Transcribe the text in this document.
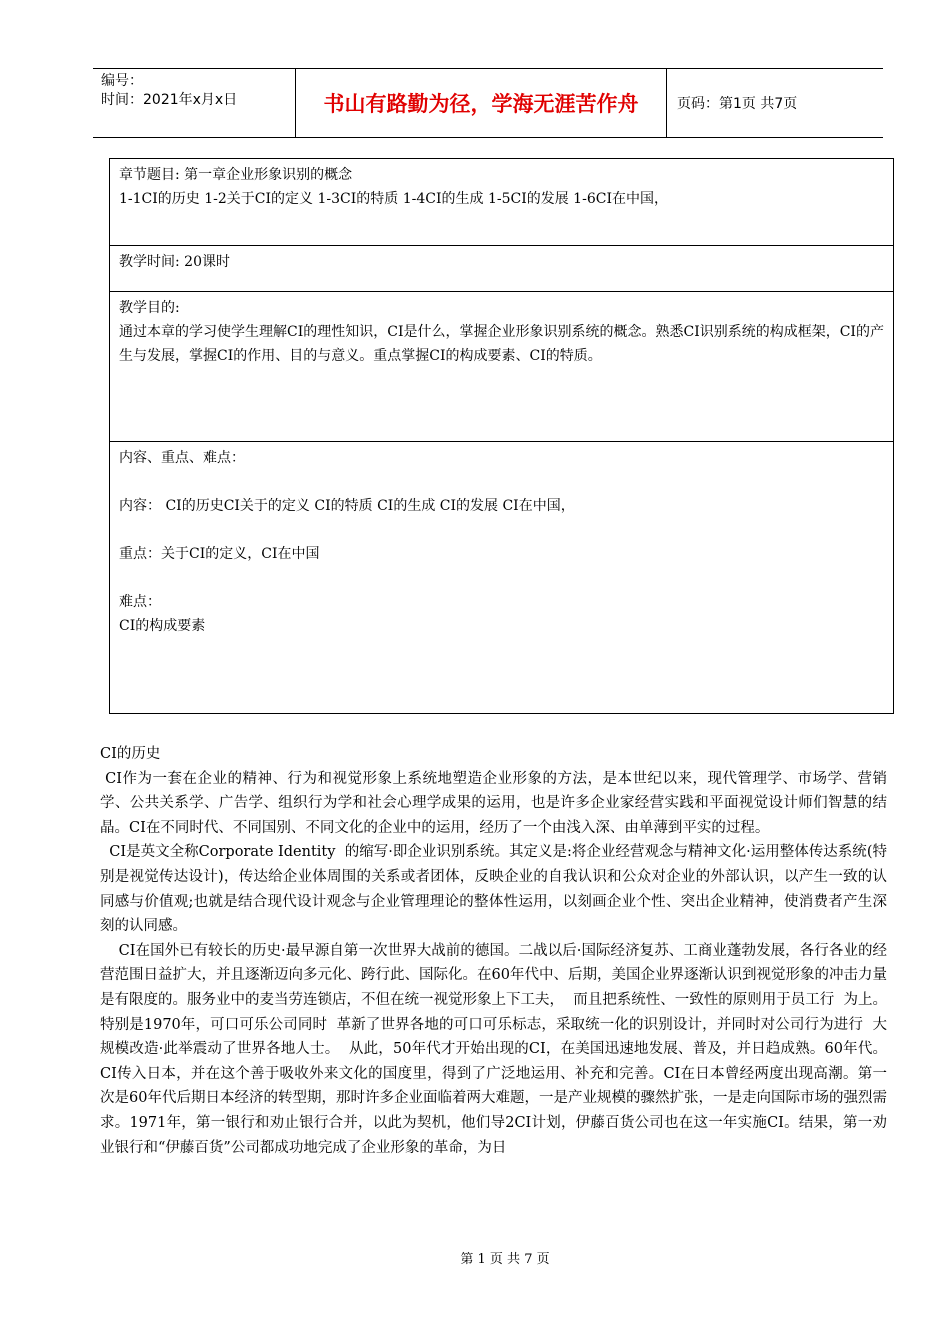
编号：
时间：2021年x月x日	书山有路勤为径，学海无涯苦作舟	页码：第1页 共7页
章节题目: 第一章企业形象识别的概念
1-1CI的历史 1-2关于CI的定义 1-3CI的特质 1-4CI的生成 1-5CI的发展 1-6CI在中国，
教学时间: 20课时
教学目的:
通过本章的学习使学生理解CI的理性知识，CI是什么，掌握企业形象识别系统的概念。熟悉CI识别系统的构成框架，CI的产生与发展，掌握CI的作用、目的与意义。重点掌握CI的构成要素、CI的特质。
内容、重点、难点：
内容： CI的历史CI关于的定义 CI的特质 CI的生成 CI的发展 CI在中国，
重点：关于CI的定义，CI在中国
难点：
CI的构成要素

CI的历史

CI作为一套在企业的精神、行为和视觉形象上系统地塑造企业形象的方法，是本世纪以来，现代管理学、市场学、营销学、公共关系学、广告学、组织行为学和社会心理学成果的运用，也是许多企业家经营实践和平面视觉设计师们智慧的结晶。CI在不同时代、不同国别、不同文化的企业中的运用，经历了一个由浅入深、由单薄到平实的过程。

CI是英文全称Corporate Identity  的缩写·即企业识别系统。其定义是:将企业经营观念与精神文化·运用整体传达系统(特别是视觉传达设计)，传达给企业体周围的关系或者团体，反映企业的自我认识和公众对企业的外部认识，以产生一致的认同感与价值观;也就是结合现代设计观念与企业管理理论的整体性运用，以刻画企业个性、突出企业精神，使消费者产生深刻的认同感。

CI在国外已有较长的历史·最早源自第一次世界大战前的德国。二战以后·国际经济复苏、工商业蓬勃发展，各行各业的经营范围日益扩大，并且逐渐迈向多元化、跨行此、国际化。在60年代中、后期，美国企业界逐渐认识到视觉形象的冲击力量是有限度的。服务业中的麦当劳连锁店，不但在统一视觉形象上下工夫，  而且把系统性、一致性的原则用于员工行  为上。特别是1970年，可口可乐公司同时  革新了世界各地的可口可乐标志，采取统一化的识别设计，并同时对公司行为进行  大规模改造·此举震动了世界各地人士。  从此，50年代才开始出现的CI，在美国迅速地发展、普及，并日趋成熟。60年代。  CI传入日本，并在这个善于吸收外来文化的国度里，得到了广泛地运用、补充和完善。CI在日本曾经两度出现高潮。第一次是60年代后期日本经济的转型期，那时许多企业面临着两大难题，一是产业规模的骤然扩张，一是走向国际市场的强烈需求。1971年，第一银行和劝止银行合并，以此为契机，他们导2CI计划，伊藤百货公司也在这一年实施CI。结果，第一劝业银行和“伊藤百货”公司都成功地完成了企业形象的革命，为日

第 1 页 共 7 页
